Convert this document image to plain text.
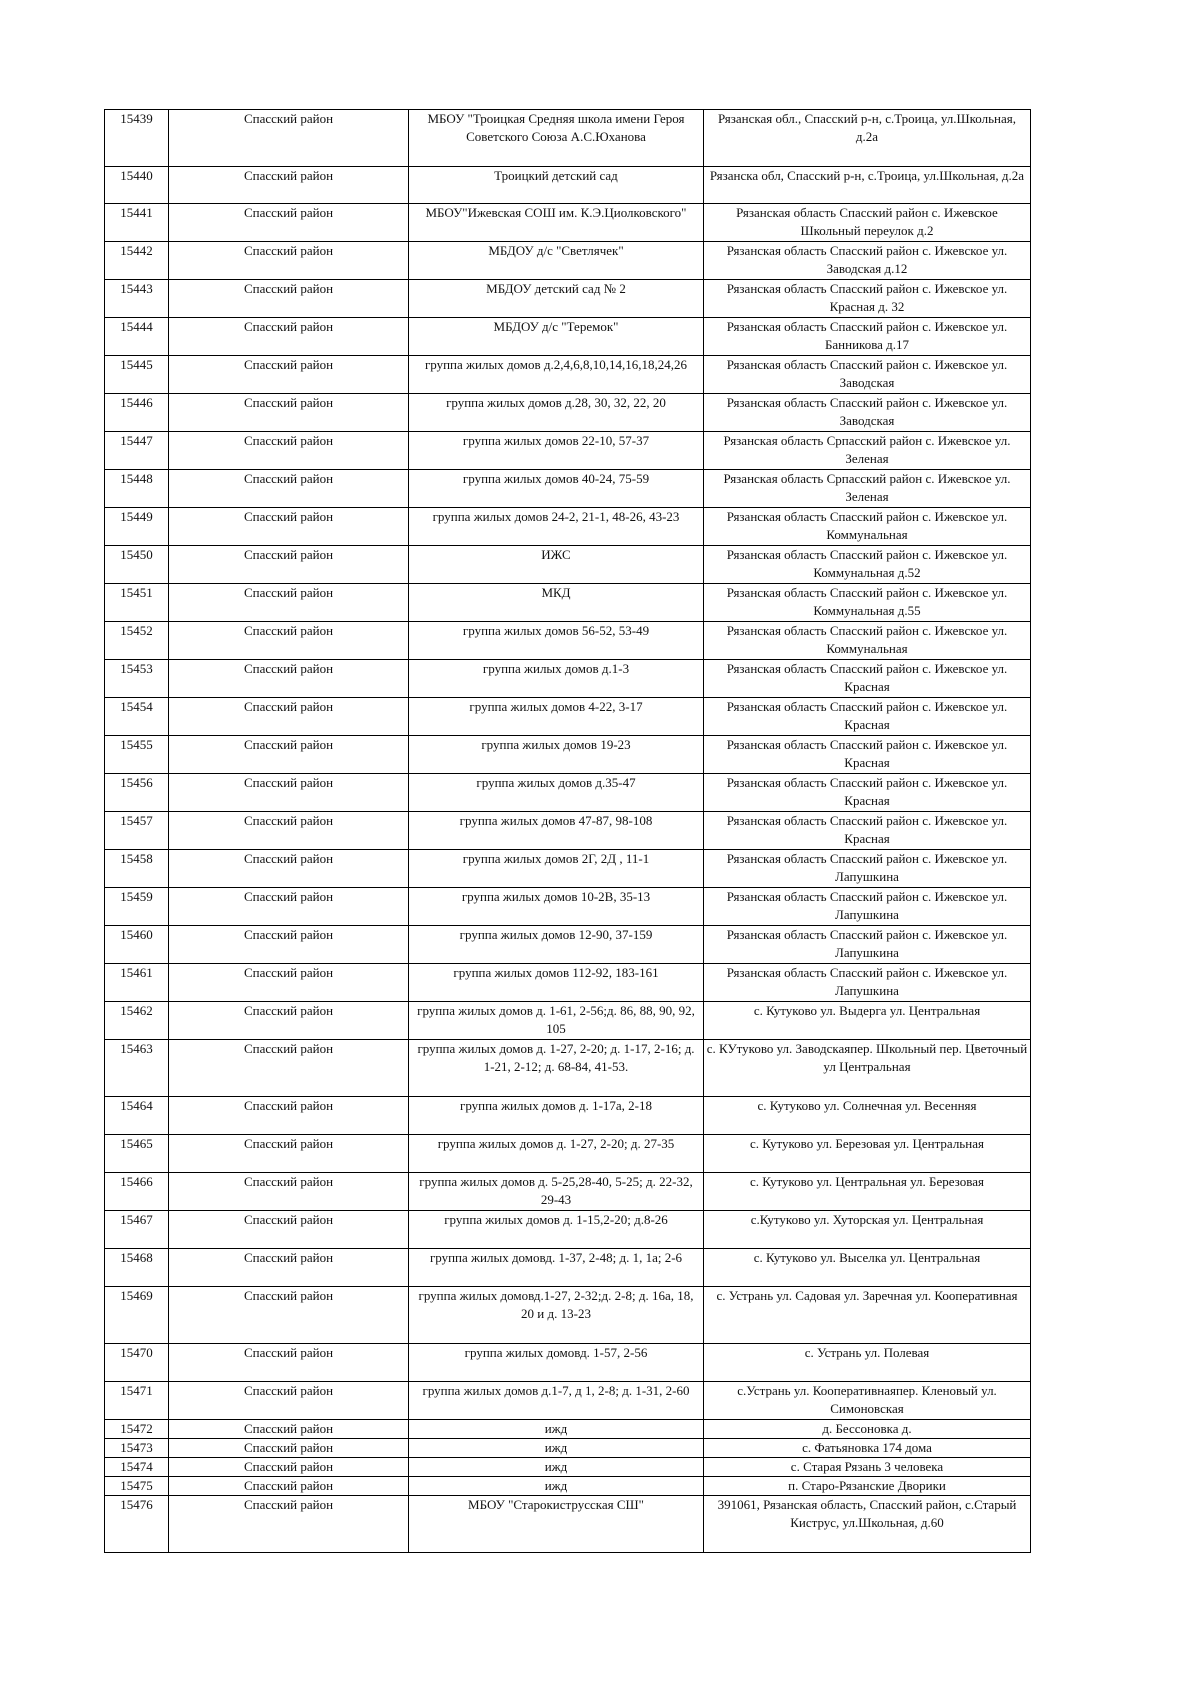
15439	Спасский район	МБОУ "Троицкая Средняя школа имени Героя Советского Союза А.С.Юханова	Рязанская обл., Спасский р-н, с.Троица, ул.Школьная, д.2а
15440	Спасский район	Троицкий детский сад	Рязанска обл, Спасский р-н, с.Троица, ул.Школьная, д.2а
15441	Спасский район	МБОУ"Ижевская СОШ им. К.Э.Циолковского"	Рязанская область Спасский район с. Ижевское Школьный переулок д.2
15442	Спасский район	МБДОУ д/с "Светлячек"	Рязанская область Спасский район с. Ижевское ул. Заводская д.12
15443	Спасский район	МБДОУ детский сад № 2	Рязанская область Спасский район с. Ижевское ул. Красная д. 32
15444	Спасский район	МБДОУ д/с "Теремок"	Рязанская область Спасский район с. Ижевское ул. Банникова д.17
15445	Спасский район	группа жилых домов д.2,4,6,8,10,14,16,18,24,26	Рязанская область Спасский район с. Ижевское ул. Заводская
15446	Спасский район	группа жилых домов д.28, 30, 32, 22, 20	Рязанская область Спасский район с. Ижевское ул. Заводская
15447	Спасский район	группа жилых домов 22-10, 57-37	Рязанская область Српасский район с. Ижевское ул. Зеленая
15448	Спасский район	группа жилых домов 40-24, 75-59	Рязанская область Српасский район с. Ижевское ул. Зеленая
15449	Спасский район	группа жилых домов 24-2, 21-1, 48-26, 43-23	Рязанская область Спасский район с. Ижевское ул. Коммунальная
15450	Спасский район	ИЖС	Рязанская область Спасский район с. Ижевское ул. Коммунальная д.52
15451	Спасский район	МКД	Рязанская область Спасский район с. Ижевское ул. Коммунальная д.55
15452	Спасский район	группа жилых домов 56-52, 53-49	Рязанская область Спасский район с. Ижевское ул. Коммунальная
15453	Спасский район	группа жилых домов д.1-3	Рязанская область Спасский район с. Ижевское ул. Красная
15454	Спасский район	группа жилых домов 4-22, 3-17	Рязанская область Спасский район с. Ижевское ул. Красная
15455	Спасский район	группа жилых домов 19-23	Рязанская область Спасский район с. Ижевское ул. Красная
15456	Спасский район	группа жилых домов д.35-47	Рязанская область Спасский район с. Ижевское ул. Красная
15457	Спасский район	группа жилых домов 47-87, 98-108	Рязанская область Спасский район с. Ижевское ул. Красная
15458	Спасский район	группа жилых домов 2Г, 2Д , 11-1	Рязанская область Спасский район с. Ижевское ул. Лапушкина
15459	Спасский район	группа жилых домов 10-2В, 35-13	Рязанская область Спасский район с. Ижевское ул. Лапушкина
15460	Спасский район	группа жилых домов 12-90, 37-159	Рязанская область Спасский район с. Ижевское ул. Лапушкина
15461	Спасский район	группа жилых домов 112-92, 183-161	Рязанская область Спасский район с. Ижевское ул. Лапушкина
15462	Спасский район	группа жилых домов д. 1-61, 2-56;д. 86, 88, 90, 92, 105	с. Кутуково ул. Выдерга ул. Центральная
15463	Спасский район	группа жилых домов д. 1-27, 2-20; д. 1-17, 2-16; д. 1-21, 2-12; д. 68-84, 41-53.	с. КУтуково ул. Заводскаяпер. Школьный пер. Цветочный ул Центральная
15464	Спасский район	группа жилых домов д. 1-17а, 2-18	с. Кутуково ул. Солнечная ул. Весенняя
15465	Спасский район	группа жилых домов д. 1-27, 2-20; д. 27-35	с. Кутуково ул. Березовая ул. Центральная
15466	Спасский район	группа жилых домов д. 5-25,28-40, 5-25; д. 22-32, 29-43	с. Кутуково ул. Центральная ул. Березовая
15467	Спасский район	группа жилых домов д. 1-15,2-20; д.8-26	с.Кутуково ул. Хуторская ул. Центральная
15468	Спасский район	группа жилых домовд. 1-37, 2-48; д. 1, 1а; 2-6	с. Кутуково ул. Выселка ул. Центральная
15469	Спасский район	группа жилых домовд.1-27, 2-32;д. 2-8; д. 16а, 18, 20 и д. 13-23	с. Устрань ул. Садовая ул. Заречная ул. Кооперативная
15470	Спасский район	группа жилых домовд. 1-57, 2-56	с. Устрань ул. Полевая
15471	Спасский район	группа жилых домов д.1-7, д 1, 2-8; д. 1-31, 2-60	с.Устрань ул. Кооперативнаяпер. Кленовый ул. Симоновская
15472	Спасский район	ижд	д. Бессоновка д.
15473	Спасский район	ижд	с. Фатьяновка 174 дома
15474	Спасский район	ижд	с. Старая Рязань 3 человека
15475	Спасский район	ижд	п. Старо-Рязанские Дворики
15476	Спасский район	МБОУ "Старокиструсская СШ"	391061, Рязанская область, Спасский район, с.Старый Киструс, ул.Школьная, д.60
